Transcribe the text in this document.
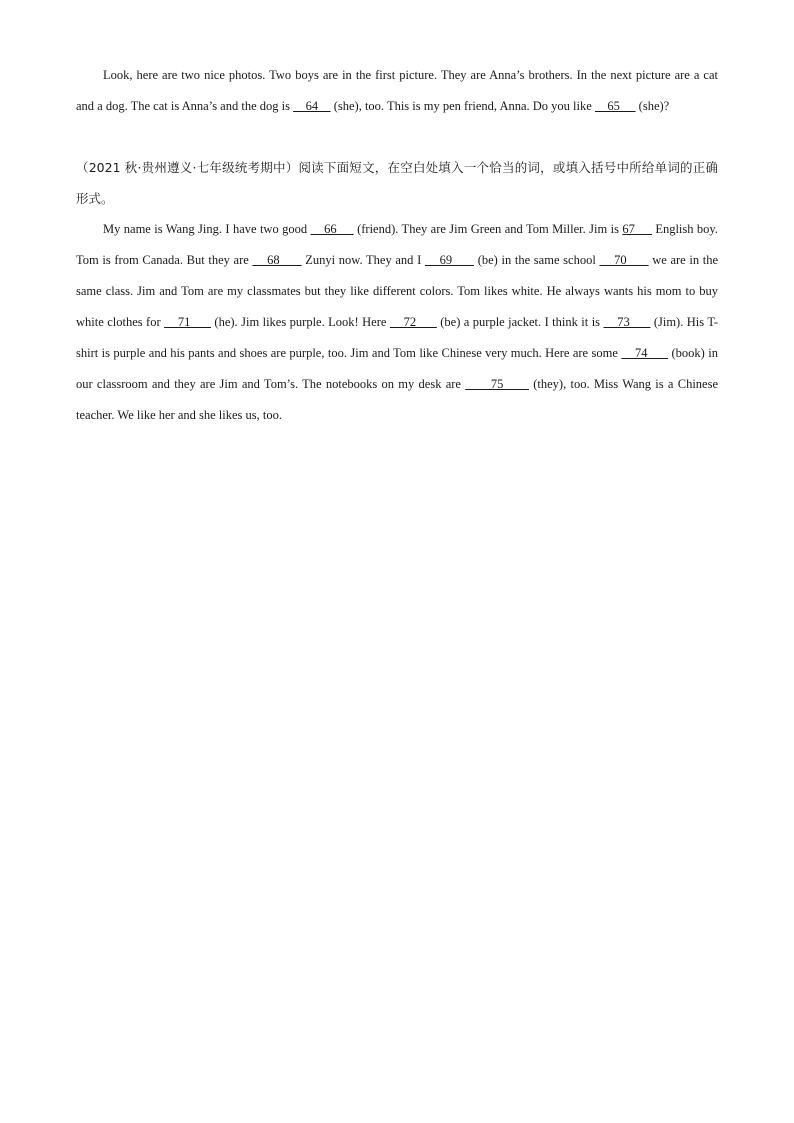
Look, here are two nice photos. Two boys are in the first picture. They are Anna’s brothers. In the next picture are a cat and a dog. The cat is Anna’s and the dog is     64     (she), too. This is my pen friend, Anna. Do you like     65      (she)?

（2021 秋·贵州遵义·七年级统考期中）阅读下面短文，在空白处填入一个恰当的词，或填入括号中所给单词的正确形式。

My name is Wang Jing. I have two good     66      (friend). They are Jim Green and Tom Miller. Jim is 67      English boy. Tom is from Canada. But they are     68       Zunyi now. They and I     69       (be) in the same school     70       we are in the same class. Jim and Tom are my classmates but they like different colors. Tom likes white. He always wants his mom to buy white clothes for     71       (he). Jim likes purple. Look! Here     72       (be) a purple jacket. I think it is     73       (Jim). His T-shirt is purple and his pants and shoes are purple, too. Jim and Tom like Chinese very much. Here are some     74       (book) in our classroom and they are Jim and Tom’s. The notebooks on my desk are       75       (they), too. Miss Wang is a Chinese teacher. We like her and she likes us, too.
